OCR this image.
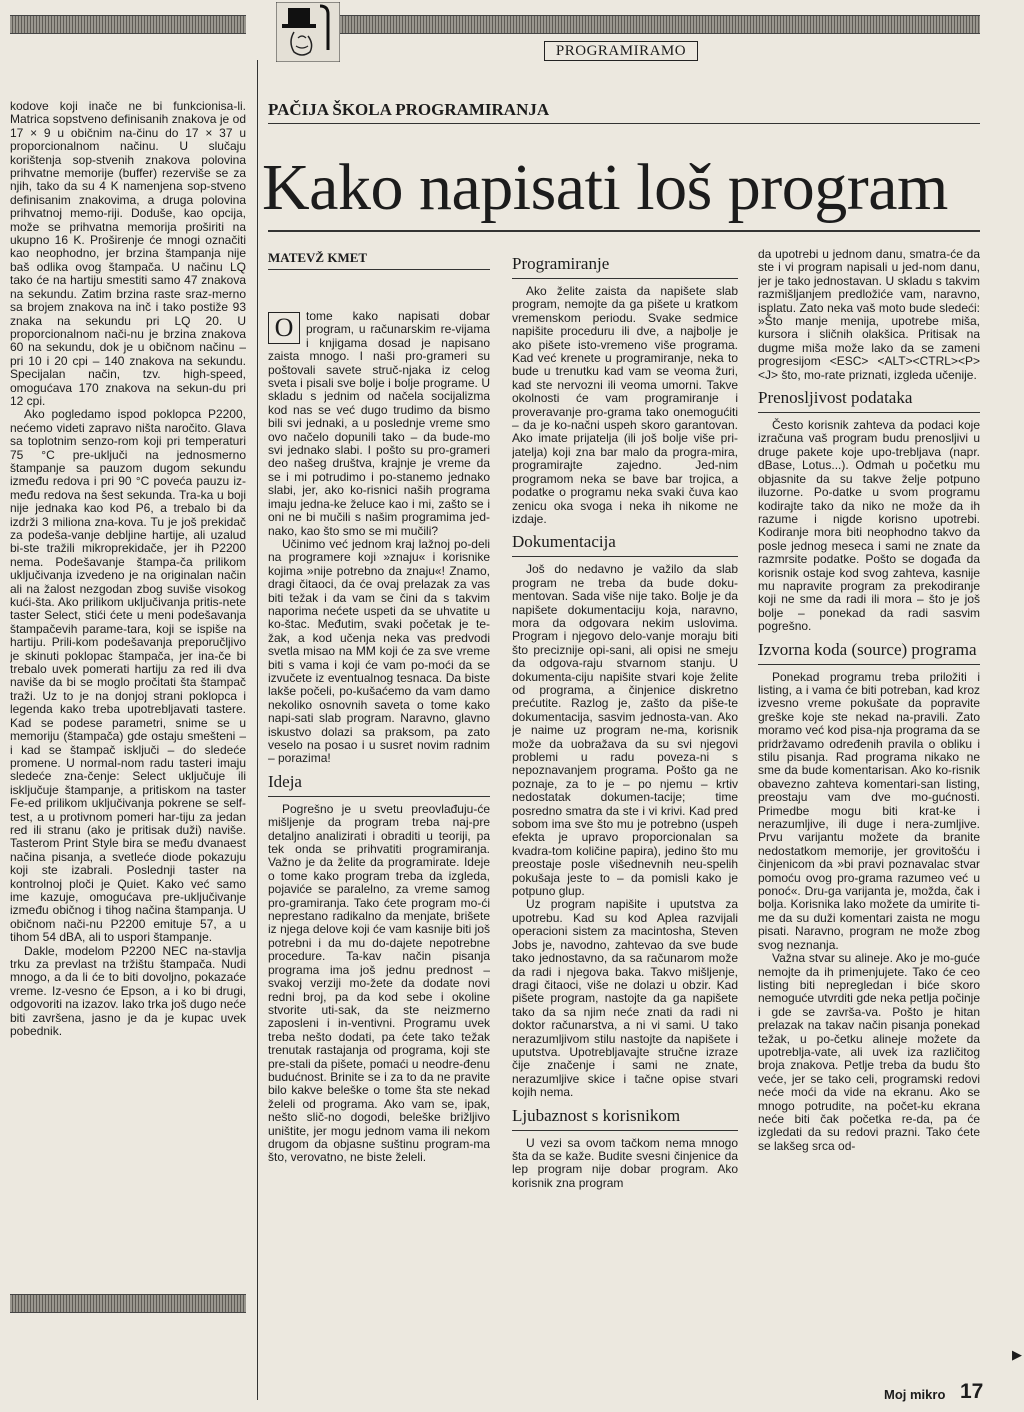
PROGRAMIRAMO
PAČIJA ŠKOLA PROGRAMIRANJA
Kako napisati loš program
MATEVŽ KMET

kodove koji inače ne bi funkcionisa-li. Matrica sopstveno definisanih znakova je od 17 × 9 u običnim na-činu do 17 × 37 u proporcionalnom načinu. U slučaju korištenja sop-stvenih znakova polovina prihvatne memorije (buffer) rezerviše se za njih, tako da su 4 K namenjena sop-stveno definisanim znakovima, a druga polovina prihvatnoj memo-riji. Doduše, kao opcija, može se prihvatna memorija proširiti na ukupno 16 K. Proširenje će mnogi označiti kao neophodno, jer brzina štampanja nije baš odlika ovog štampača. U načinu LQ tako će na hartiju smestiti samo 47 znakova na sekundu. Zatim brzina raste sraz-merno sa brojem znakova na inč i tako postiže 93 znaka na sekundu pri LQ 20. U proporcionalnom nači-nu je brzina znakova 60 na sekundu, dok je u običnom načinu – pri 10 i 20 cpi – 140 znakova na sekundu. Specijalan način, tzv. high-speed, omogućava 170 znakova na sekun-du pri 12 cpi.

Ako pogledamo ispod poklopca P2200, nećemo videti zapravo ništa naročito. Glava sa toplotnim senzo-rom koji pri temperaturi 75 °C pre-uključi na jednosmerno štampanje sa pauzom dugom sekundu između redova i pri 90 °C poveća pauzu iz-među redova na šest sekunda. Tra-ka u boji nije jednaka kao kod P6, a trebalo bi da izdrži 3 miliona zna-kova. Tu je još prekidač za podeša-vanje debljine hartije, ali uzalud bi-ste tražili mikroprekidače, jer ih P2200 nema. Podešavanje štampa-ča prilikom uključivanja izvedeno je na originalan način ali na žalost nezgodan zbog suviše visokog kući-šta. Ako prilikom uključivanja pritis-nete taster Select, stići ćete u meni podešavanja štampačevih parame-tara, koji se ispiše na hartiju. Prili-kom podešavanja preporučljivo je skinuti poklopac štampača, jer ina-če bi trebalo uvek pomerati hartiju za red ili dva naviše da bi se moglo pročitati šta štampač traži. Uz to je na donjoj strani poklopca i legenda kako treba upotrebljavati tastere. Kad se podese parametri, snime se u memoriju (štampača) gde ostaju smešteni – i kad se štampač isključi – do sledeće promene. U normal-nom radu tasteri imaju sledeće zna-čenje: Select uključuje ili isključuje štampanje, a pritiskom na taster Fe-ed prilikom uključivanja pokrene se self-test, a u protivnom pomeri har-tiju za jedan red ili stranu (ako je pritisak duži) naviše. Tasterom Print Style bira se među dvanaest načina pisanja, a svetleće diode pokazuju koji ste izabrali. Poslednji taster na kontrolnoj ploči je Quiet. Kako već samo ime kazuje, omogućava pre-uključivanje između običnog i tihog načina štampanja. U običnom nači-nu P2200 emituje 57, a u tihom 54 dBA, ali to uspori štampanje.

Dakle, modelom P2200 NEC na-stavlja trku za prevlast na tržištu štampača. Nudi mnogo, a da li će to biti dovoljno, pokazaće vreme. Iz-vesno će Epson, a i ko bi drugi, odgovoriti na izazov. Iako trka još dugo neće biti završena, jasno je da je kupac uvek pobednik.

O	tome kako napisati dobar program, u računarskim re-vijama i knjigama dosad je napisano zaista mnogo. I naši pro-grameri su poštovali savete struč-njaka iz celog sveta i pisali sve bolje i bolje programe. U skladu s jednim od načela socijalizma kod nas se već dugo trudimo da bismo bili svi jednaki, a u poslednje vreme smo ovo načelo dopunili tako – da bude-mo svi jednako slabi. I pošto su pro-grameri deo našeg društva, krajnje je vreme da se i mi potrudimo i po-stanemo jednako slabi, jer, ako ko-risnici naših programa imaju jedna-ke želuce kao i mi, zašto se i oni ne bi mučili s našim programima jed-nako, kao što smo se mi mučili?

Učinimo već jednom kraj lažnoj po-deli na programere koji »znaju« i korisnike kojima »nije potrebno da znaju«! Znamo, dragi čitaoci, da će ovaj prelazak za vas biti težak i da vam se čini da s takvim naporima nećete uspeti da se uhvatite u ko-štac. Međutim, svaki početak je te-žak, a kod učenja neka vas predvodi svetla misao na MM koji će za sve vreme biti s vama i koji će vam po-moći da se izvučete iz eventualnog tesnaca. Da biste lakše počeli, po-kušaćemo da vam damo nekoliko osnovnih saveta o tome kako napi-sati slab program. Naravno, glavno iskustvo dolazi sa praksom, pa zato veselo na posao i u susret novim radnim – porazima!

Ideja

Pogrešno je u svetu preovlađuju-će mišljenje da program treba naj-pre detaljno analizirati i obraditi u teoriji, pa tek onda se prihvatiti programiranja. Važno je da želite da programirate. Ideje o tome kako program treba da izgleda, pojaviće se paralelno, za vreme samog pro-gramiranja. Tako ćete program mo-ći neprestano radikalno da menjate, brišete iz njega delove koji će vam kasnije biti još potrebni i da mu do-dajete nepotrebne procedure. Ta-kav način pisanja programa ima još jednu prednost – svakoj verziji mo-žete da dodate novi redni broj, pa da kod sebe i okoline stvorite uti-sak, da ste neizmerno zaposleni i in-ventivni. Programu uvek treba nešto dodati, pa ćete tako težak trenutak rastajanja od programa, koji ste pre-stali da pišete, pomaći u neodre-đenu budućnost. Brinite se i za to da ne pravite bilo kakve beleške o tome šta ste nekad želeli od programa. Ako vam se, ipak, nešto slič-no dogodi, beleške brižljivo uništite, jer mogu jednom vama ili nekom drugom da objasne suštinu program-ma što, verovatno, ne biste želeli.

Programiranje

Ako želite zaista da napišete slab program, nemojte da ga pišete u kratkom vremenskom periodu. Svake sedmice napišite proceduru ili dve, a najbolje je ako pišete isto-vremeno više programa. Kad već krenete u programiranje, neka to bude u trenutku kad vam se veoma žuri, kad ste nervozni ili veoma umorni. Takve okolnosti će vam programiranje i proveravanje pro-grama tako onemogućiti – da je ko-načni uspeh skoro garantovan. Ako imate prijatelja (ili još bolje više pri-jatelja) koji zna bar malo da progra-mira, programirajte zajedno. Jed-nim programom neka se bave bar trojica, a podatke o programu neka svaki čuva kao zenicu oka svoga i neka ih nikome ne izdaje.

Dokumentacija

Još do nedavno je važilo da slab program ne treba da bude doku-mentovan. Sada više nije tako. Bolje je da napišete dokumentaciju koja, naravno, mora da odgovara nekim uslovima. Program i njegovo delo-vanje moraju biti što preciznije opi-sani, ali opisi ne smeju da odgova-raju stvarnom stanju. U dokumenta-ciju napišite stvari koje želite od programa, a činjenice diskretno prećutite. Razlog je, zašto da piše-te dokumentacija, sasvim jednosta-van. Ako je naime uz program ne-ma, korisnik može da uobražava da su svi njegovi problemi u radu poveza-ni s nepoznavanjem programa. Pošto ga ne poznaje, za to je – po njemu – krtiv nedostatak dokumen-tacije; time posredno smatra da ste i vi krivi. Kad pred sobom ima sve što mu je potrebno (uspeh efekta je upravo proporcionalan sa kvadra-tom količine papira), jedino što mu preostaje posle višednevnih neu-spelih pokušaja jeste to – da pomisli kako je potpuno glup.

Uz program napišite i uputstva za upotrebu. Kad su kod Aplea razvijali operacioni sistem za macintosha, Steven Jobs je, navodno, zahtevao da sve bude tako jednostavno, da sa računarom može da radi i njegova baka. Takvo mišljenje, dragi čitaoci, više ne dolazi u obzir. Kad pišete program, nastojte da ga napišete tako da sa njim neće znati da radi ni doktor računarstva, a ni vi sami. U tako nerazumljivom stilu nastojte da napišete i uputstva. Upotrebljavajte stručne izraze čije značenje i sami ne znate, nerazumljive skice i tačne opise stvari kojih nema.

Ljubaznost s korisnikom

U vezi sa ovom tačkom nema mnogo šta da se kaže. Budite svesni činjenice da lep program nije dobar program. Ako korisnik zna program

da upotrebi u jednom danu, smatra-će da ste i vi program napisali u jed-nom danu, jer je tako jednostavan. U skladu s takvim razmišljanjem predložiće vam, naravno, isplatu. Zato neka vaš moto bude sledeći: »Što manje menija, upotrebe miša, kursora i sličnih olakšica. Pritisak na dugme miša može lako da se zameni progresijom <ESC> <ALT><CTRL><P><J> što, mo-rate priznati, izgleda učenije.

Prenosljivost podataka

Često korisnik zahteva da podaci koje izračuna vaš program budu prenosljivi u druge pakete koje upo-trebljava (napr. dBase, Lotus...). Odmah u početku mu objasnite da su takve želje potpuno iluzorne. Po-datke u svom programu kodirajte tako da niko ne može da ih razume i nigde korisno upotrebi. Kodiranje mora biti neophodno takvo da posle jednog meseca i sami ne znate da razmrsite podatke. Pošto se događa da korisnik ostaje kod svog zahteva, kasnije mu napravite program za prekodiranje koji ne sme da radi ili mora – što je još bolje – ponekad da radi sasvim pogrešno.

Izvorna koda (source) programa

Ponekad programu treba priložiti i listing, a i vama će biti potreban, kad kroz izvesno vreme pokušate da popravite greške koje ste nekad na-pravili. Zato moramo već kod pisa-nja programa da se pridržavamo određenih pravila o obliku i stilu pisanja. Rad programa nikako ne sme da bude komentarisan. Ako ko-risnik obavezno zahteva komentari-san listing, preostaju vam dve mo-gućnosti. Primedbe mogu biti krat-ke i nerazumljive, ili duge i nera-zumljive. Prvu varijantu možete da branite nedostatkom memorije, jer grovitošću i činjenicom da »bi pravi poznavalac stvar pomoću ovog pro-grama razumeo već u ponoć«. Dru-ga varijanta je, možda, čak i bolja. Korisnika lako možete da umirite ti-me da su duži komentari zaista ne mogu pisati. Naravno, program ne može zbog svog neznanja.

Važna stvar su alineje. Ako je mo-guće nemojte da ih primenjujete. Tako će ceo listing biti nepregledan i biće skoro nemoguće utvrditi gde neka petlja počinje i gde se završa-va. Pošto je hitan prelazak na takav način pisanja ponekad težak, u po-četku alineje možete da upotreblja-vate, ali uvek iza različitog broja znakova. Petlje treba da budu što veće, jer se tako celi, programski redovi neće moći da vide na ekranu. Ako se mnogo potrudite, na počet-ku ekrana neće biti čak početka re-da, pa će izgledati da su redovi prazni. Tako ćete se lakšeg srca od-

▶
Moj mikro 17
